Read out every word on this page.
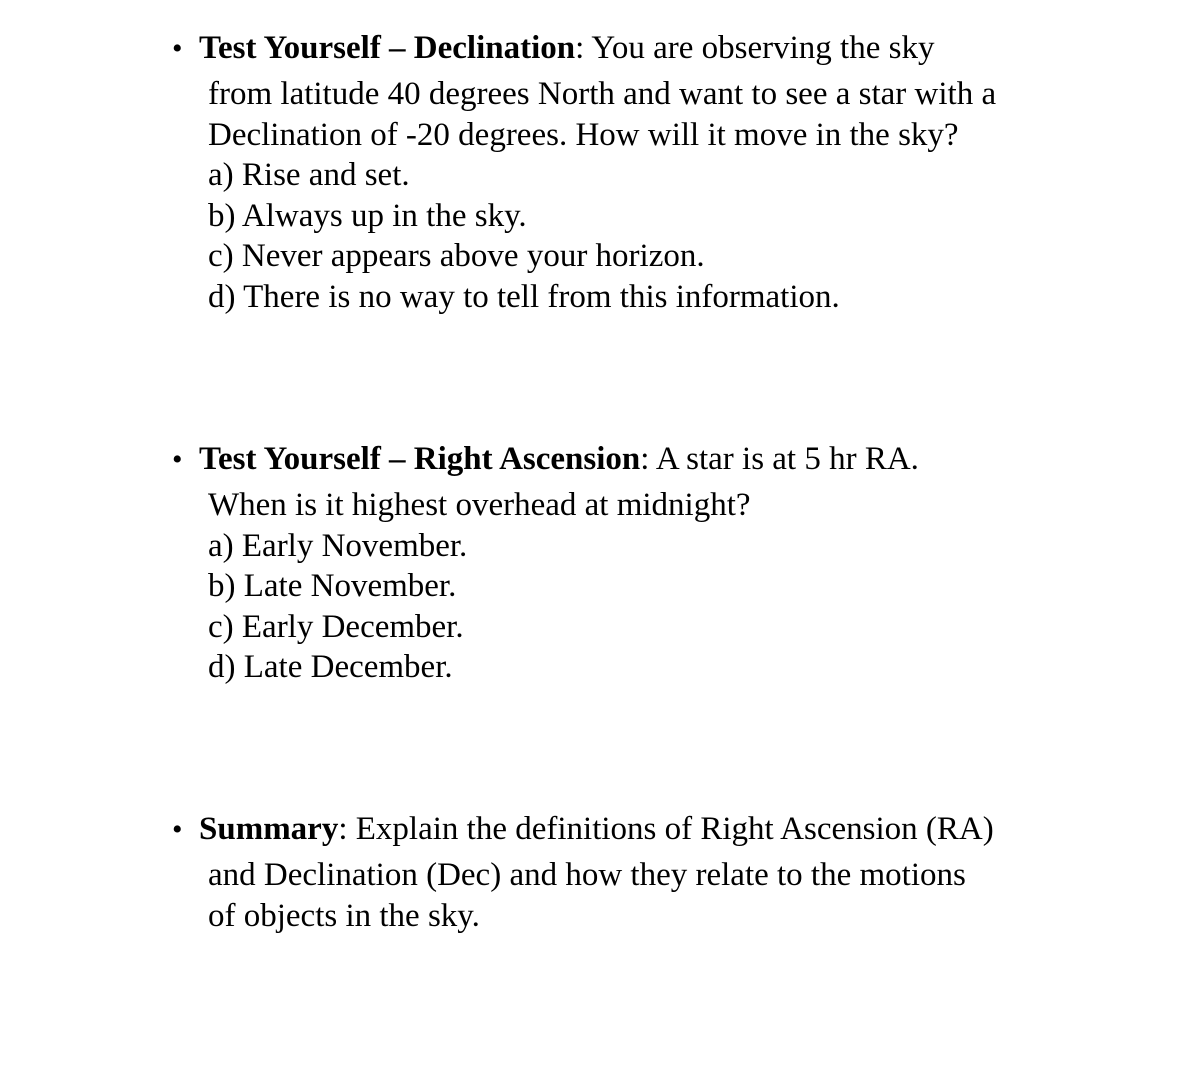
• Test Yourself – Declination: You are observing the sky
from latitude 40 degrees North and want to see a star with a
Declination of -20 degrees. How will it move in the sky?
a) Rise and set.
b) Always up in the sky.
c) Never appears above your horizon.
d) There is no way to tell from this information.
• Test Yourself – Right Ascension: A star is at 5 hr RA.
When is it highest overhead at midnight?
a) Early November.
b) Late November.
c) Early December.
d) Late December.
• Summary: Explain the definitions of Right Ascension (RA)
and Declination (Dec) and how they relate to the motions
of objects in the sky.
